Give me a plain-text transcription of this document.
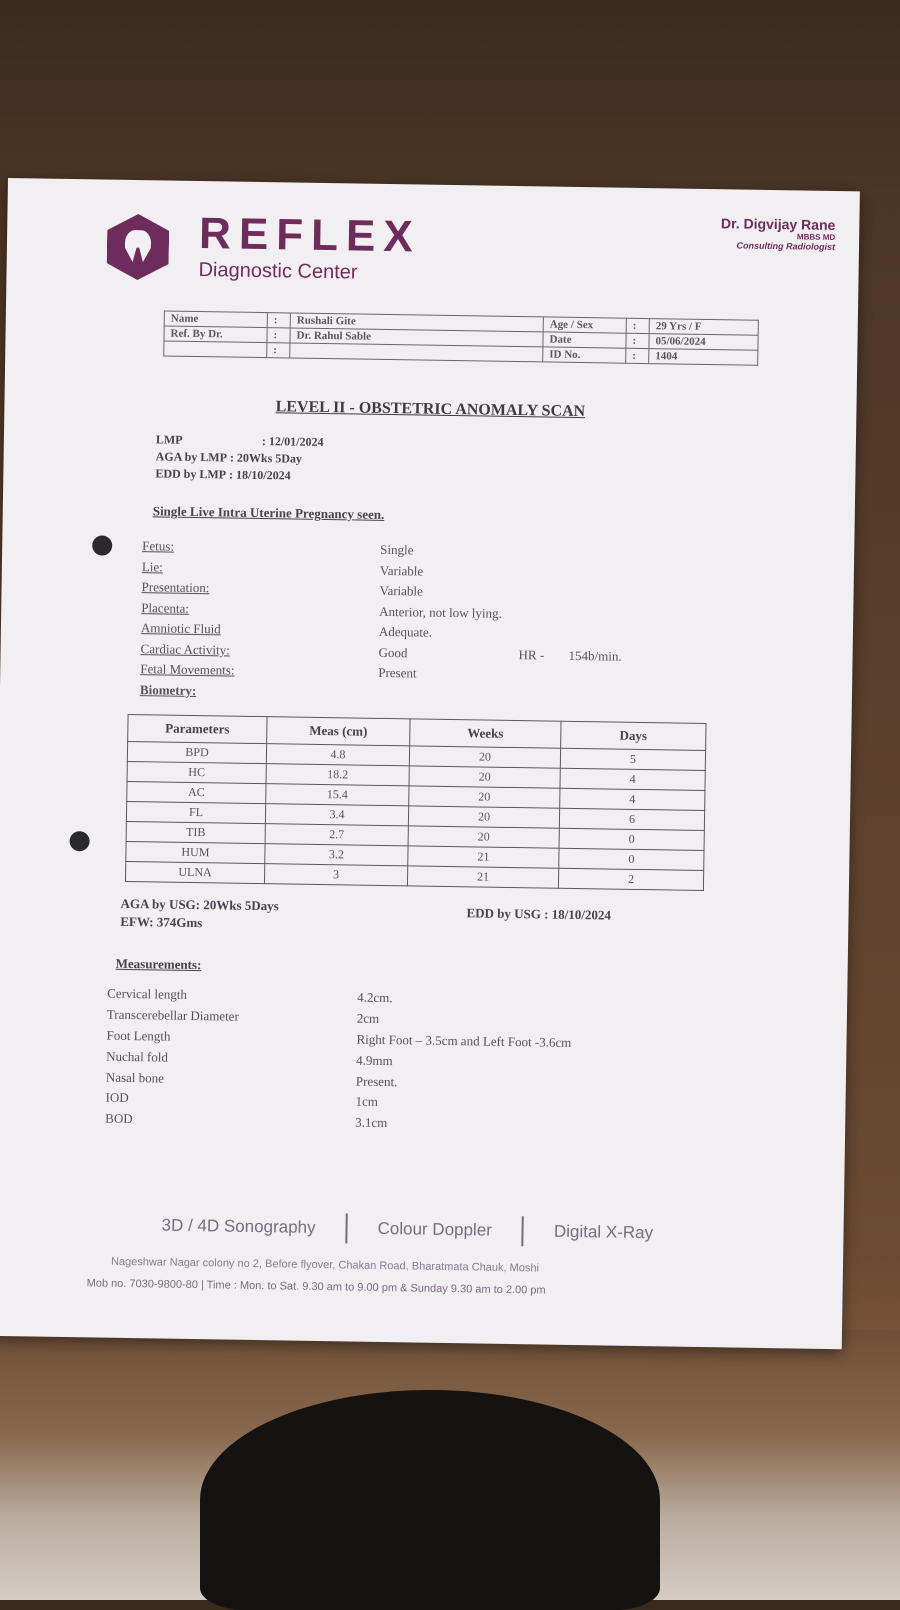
REFLEX
Diagnostic Center
Dr. Digvijay Rane
MBBS MD
Consulting Radiologist
Name	:	Rushali Gite	Age / Sex	:	29 Yrs / F
Ref. By Dr.	:	Dr. Rahul Sable	Date	:	05/06/2024
	:		ID No.	:	1404
LEVEL II - OBSTETRIC ANOMALY SCAN
LMP	: 12/01/2024
AGA by LMP : 20Wks 5Day
EDD by LMP : 18/10/2024
Single Live Intra Uterine Pregnancy seen.
Fetus:	Single
Lie:	Variable
Presentation:	Variable
Placenta:	Anterior, not low lying.
Amniotic Fluid	Adequate.
Cardiac Activity:	Good	HR -	154b/min.
Fetal Movements:	Present
Biometry:
Parameters	Meas (cm)	Weeks	Days
BPD	4.8	20	5
HC	18.2	20	4
AC	15.4	20	4
FL	3.4	20	6
TIB	2.7	20	0
HUM	3.2	21	0
ULNA	3	21	2
AGA by USG: 20Wks 5Days
EFW: 374Gms	EDD by USG : 18/10/2024
Measurements:
Cervical length	4.2cm.
Transcerebellar Diameter	2cm
Foot Length	Right Foot – 3.5cm and Left Foot -3.6cm
Nuchal fold	4.9mm
Nasal bone	Present.
IOD	1cm
BOD	3.1cm
3D / 4D Sonography	Colour Doppler	Digital X-Ray
Nageshwar Nagar colony no 2, Before flyover, Chakan Road, Bharatmata Chauk, Moshi
Mob no. 7030-9800-80 | Time : Mon. to Sat. 9.30 am to 9.00 pm & Sunday 9.30 am to 2.00 pm
